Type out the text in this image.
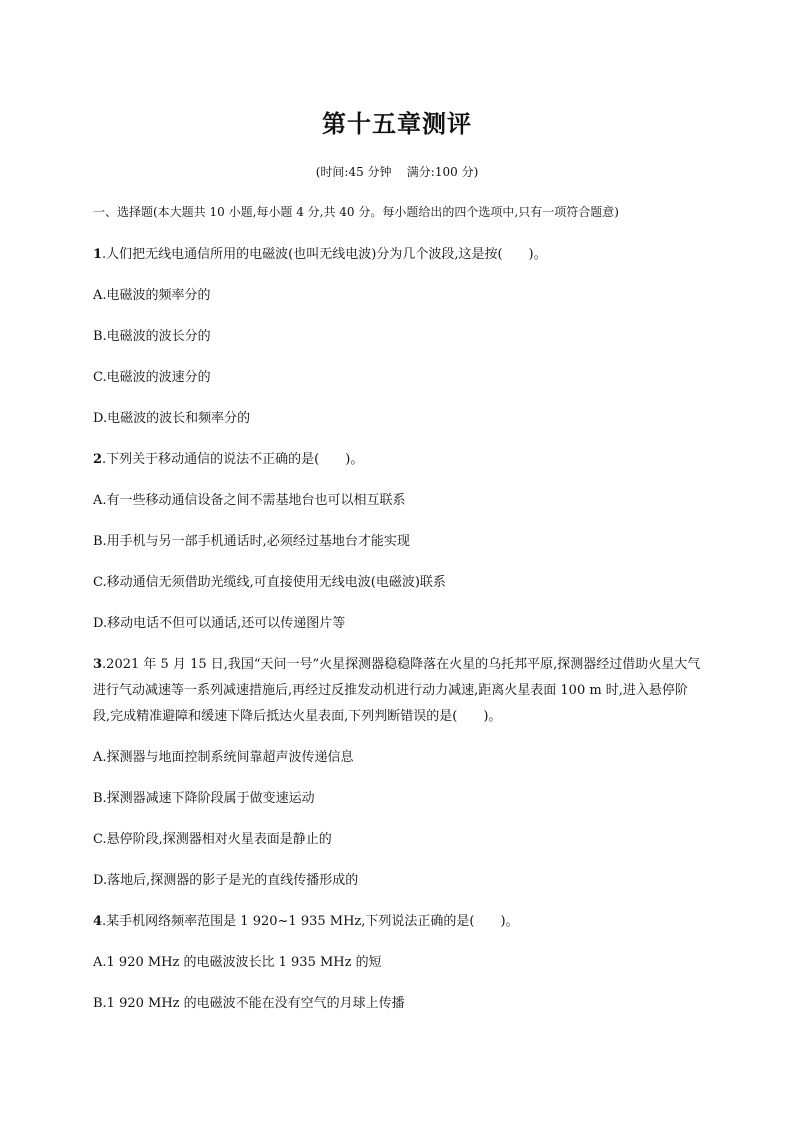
第十五章测评

(时间:45 分钟    满分:100 分)

一、选择题(本大题共 10 小题,每小题 4 分,共 40 分。每小题给出的四个选项中,只有一项符合题意)

1.人们把无线电通信所用的电磁波(也叫无线电波)分为几个波段,这是按(　　)。

A.电磁波的频率分的

B.电磁波的波长分的

C.电磁波的波速分的

D.电磁波的波长和频率分的

2.下列关于移动通信的说法不正确的是(　　)。

A.有一些移动通信设备之间不需基地台也可以相互联系

B.用手机与另一部手机通话时,必须经过基地台才能实现

C.移动通信无须借助光缆线,可直接使用无线电波(电磁波)联系

D.移动电话不但可以通话,还可以传递图片等

3.2021 年 5 月 15 日,我国“天问一号”火星探测器稳稳降落在火星的乌托邦平原,探测器经过借助火星大气进行气动减速等一系列减速措施后,再经过反推发动机进行动力减速,距离火星表面 100 m 时,进入悬停阶段,完成精准避障和缓速下降后抵达火星表面,下列判断错误的是(　　)。

A.探测器与地面控制系统间靠超声波传递信息

B.探测器减速下降阶段属于做变速运动

C.悬停阶段,探测器相对火星表面是静止的

D.落地后,探测器的影子是光的直线传播形成的

4.某手机网络频率范围是 1 920~1 935 MHz,下列说法正确的是(　　)。

A.1 920 MHz 的电磁波波长比 1 935 MHz 的短

B.1 920 MHz 的电磁波不能在没有空气的月球上传播
